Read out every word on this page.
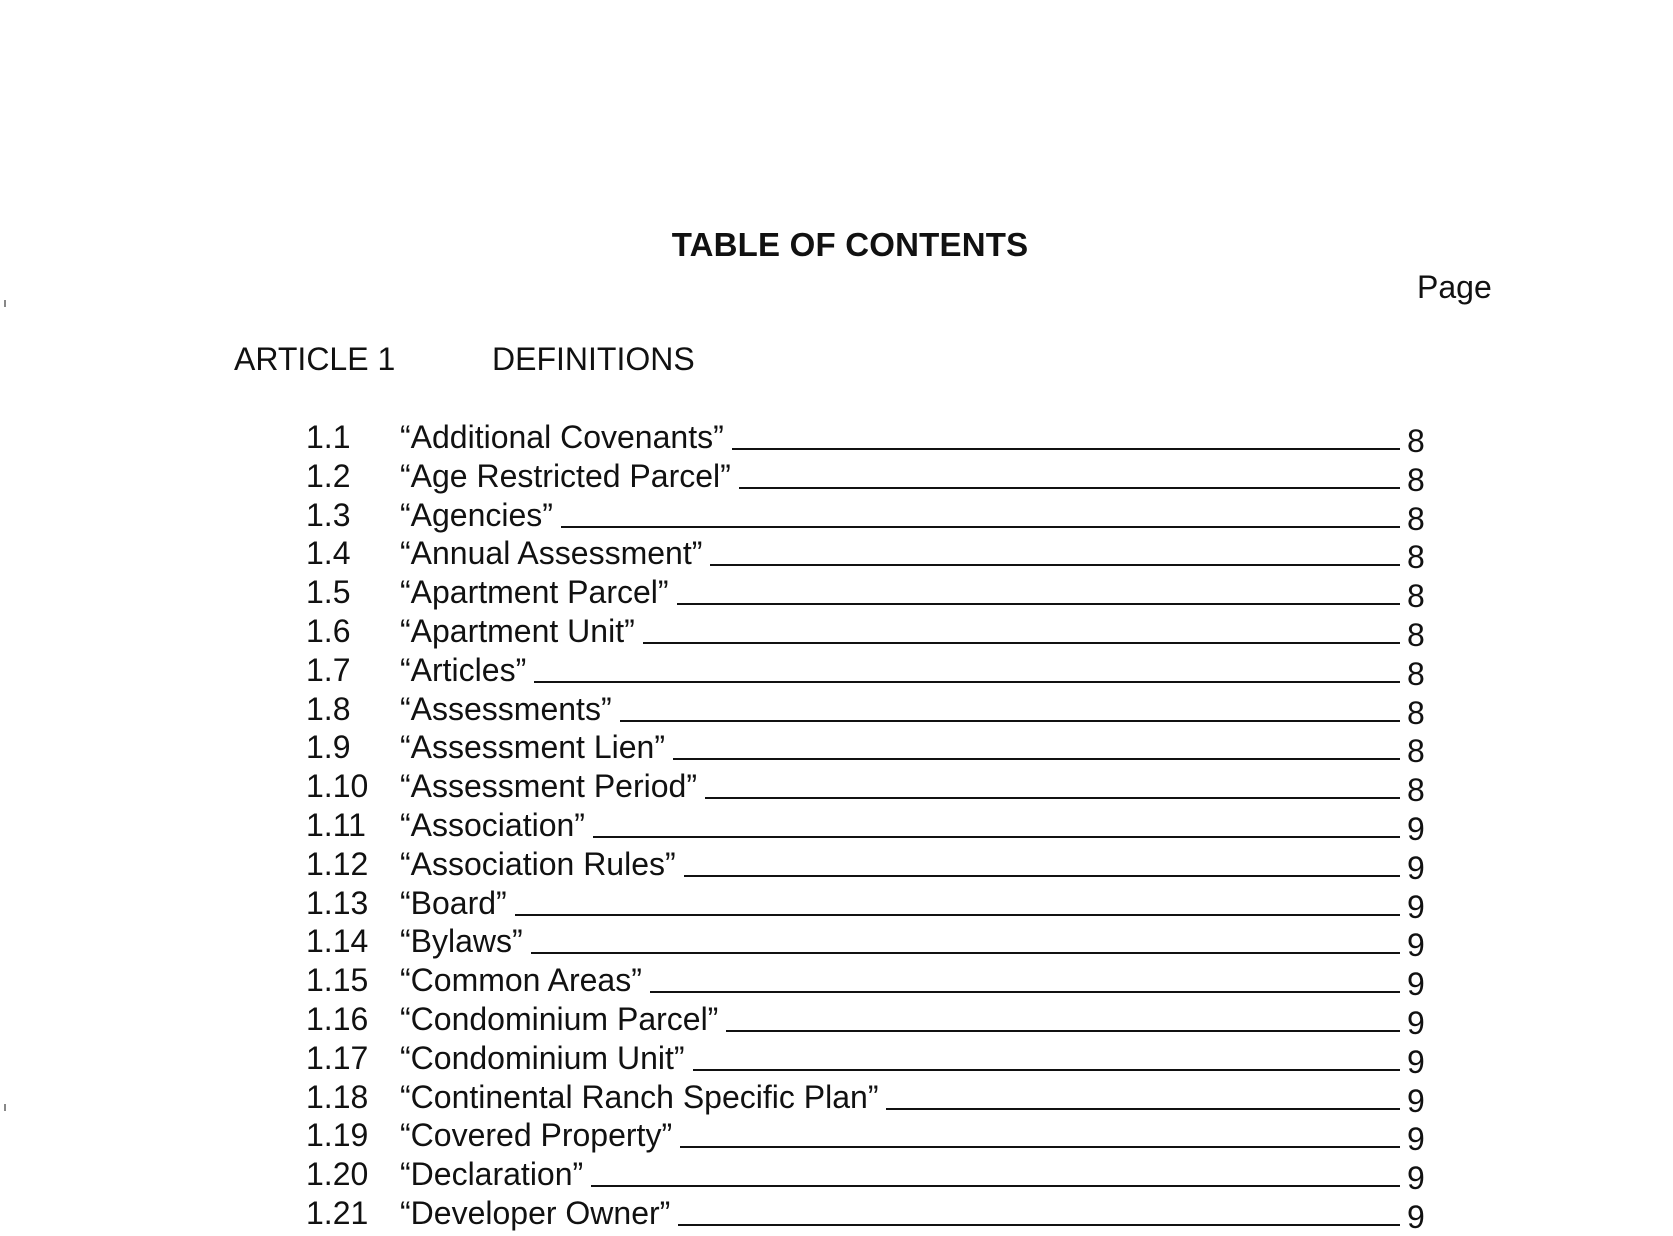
TABLE OF CONTENTS
Page
ARTICLE 1	DEFINITIONS
1.1 “Additional Covenants”	8
1.2 “Age Restricted Parcel”	8
1.3 “Agencies”	8
1.4 “Annual Assessment”	8
1.5 “Apartment Parcel”	8
1.6 “Apartment Unit”	8
1.7 “Articles”	8
1.8 “Assessments”	8
1.9 “Assessment Lien”	8
1.10 “Assessment Period”	8
1.11 “Association”	9
1.12 “Association Rules”	9
1.13 “Board”	9
1.14 “Bylaws”	9
1.15 “Common Areas”	9
1.16 “Condominium Parcel”	9
1.17 “Condominium Unit”	9
1.18 “Continental Ranch Specific Plan”	9
1.19 “Covered Property”	9
1.20 “Declaration”	9
1.21 “Developer Owner”	9
